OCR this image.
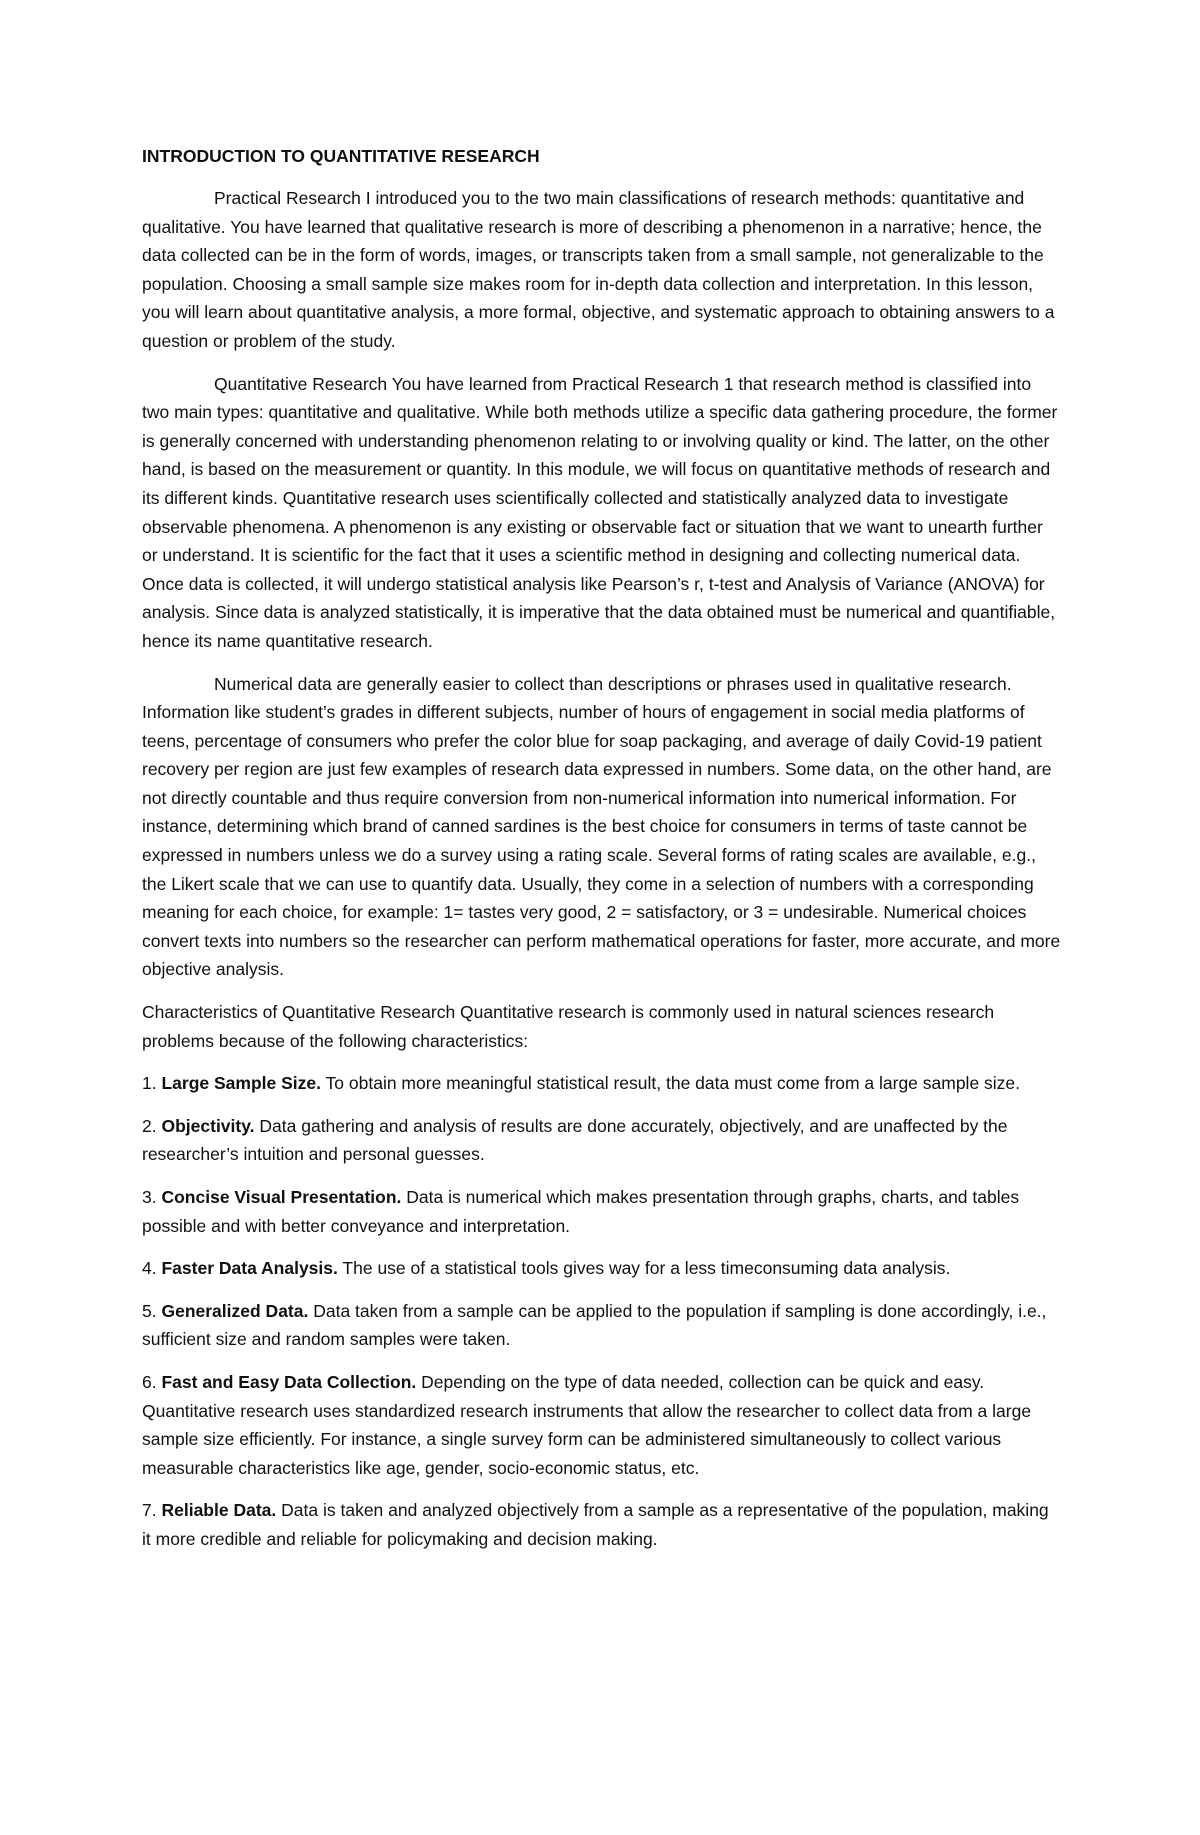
INTRODUCTION TO QUANTITATIVE RESEARCH

Practical Research I introduced you to the two main classifications of research methods: quantitative and qualitative. You have learned that qualitative research is more of describing a phenomenon in a narrative; hence, the data collected can be in the form of words, images, or transcripts taken from a small sample, not generalizable to the population. Choosing a small sample size makes room for in-depth data collection and interpretation. In this lesson, you will learn about quantitative analysis, a more formal, objective, and systematic approach to obtaining answers to a question or problem of the study.

Quantitative Research You have learned from Practical Research 1 that research method is classified into two main types: quantitative and qualitative. While both methods utilize a specific data gathering procedure, the former is generally concerned with understanding phenomenon relating to or involving quality or kind. The latter, on the other hand, is based on the measurement or quantity. In this module, we will focus on quantitative methods of research and its different kinds. Quantitative research uses scientifically collected and statistically analyzed data to investigate observable phenomena. A phenomenon is any existing or observable fact or situation that we want to unearth further or understand. It is scientific for the fact that it uses a scientific method in designing and collecting numerical data. Once data is collected, it will undergo statistical analysis like Pearson’s r, t-test and Analysis of Variance (ANOVA) for analysis. Since data is analyzed statistically, it is imperative that the data obtained must be numerical and quantifiable, hence its name quantitative research.

Numerical data are generally easier to collect than descriptions or phrases used in qualitative research. Information like student’s grades in different subjects, number of hours of engagement in social media platforms of teens, percentage of consumers who prefer the color blue for soap packaging, and average of daily Covid-19 patient recovery per region are just few examples of research data expressed in numbers. Some data, on the other hand, are not directly countable and thus require conversion from non-numerical information into numerical information. For instance, determining which brand of canned sardines is the best choice for consumers in terms of taste cannot be expressed in numbers unless we do a survey using a rating scale. Several forms of rating scales are available, e.g., the Likert scale that we can use to quantify data. Usually, they come in a selection of numbers with a corresponding meaning for each choice, for example: 1= tastes very good, 2 = satisfactory, or 3 = undesirable. Numerical choices convert texts into numbers so the researcher can perform mathematical operations for faster, more accurate, and more objective analysis.

Characteristics of Quantitative Research Quantitative research is commonly used in natural sciences research problems because of the following characteristics:

1. Large Sample Size. To obtain more meaningful statistical result, the data must come from a large sample size.
2. Objectivity. Data gathering and analysis of results are done accurately, objectively, and are unaffected by the researcher’s intuition and personal guesses.
3. Concise Visual Presentation. Data is numerical which makes presentation through graphs, charts, and tables possible and with better conveyance and interpretation.
4. Faster Data Analysis. The use of a statistical tools gives way for a less timeconsuming data analysis.
5. Generalized Data. Data taken from a sample can be applied to the population if sampling is done accordingly, i.e., sufficient size and random samples were taken.
6. Fast and Easy Data Collection. Depending on the type of data needed, collection can be quick and easy. Quantitative research uses standardized research instruments that allow the researcher to collect data from a large sample size efficiently. For instance, a single survey form can be administered simultaneously to collect various measurable characteristics like age, gender, socio-economic status, etc.
7. Reliable Data. Data is taken and analyzed objectively from a sample as a representative of the population, making it more credible and reliable for policymaking and decision making.
